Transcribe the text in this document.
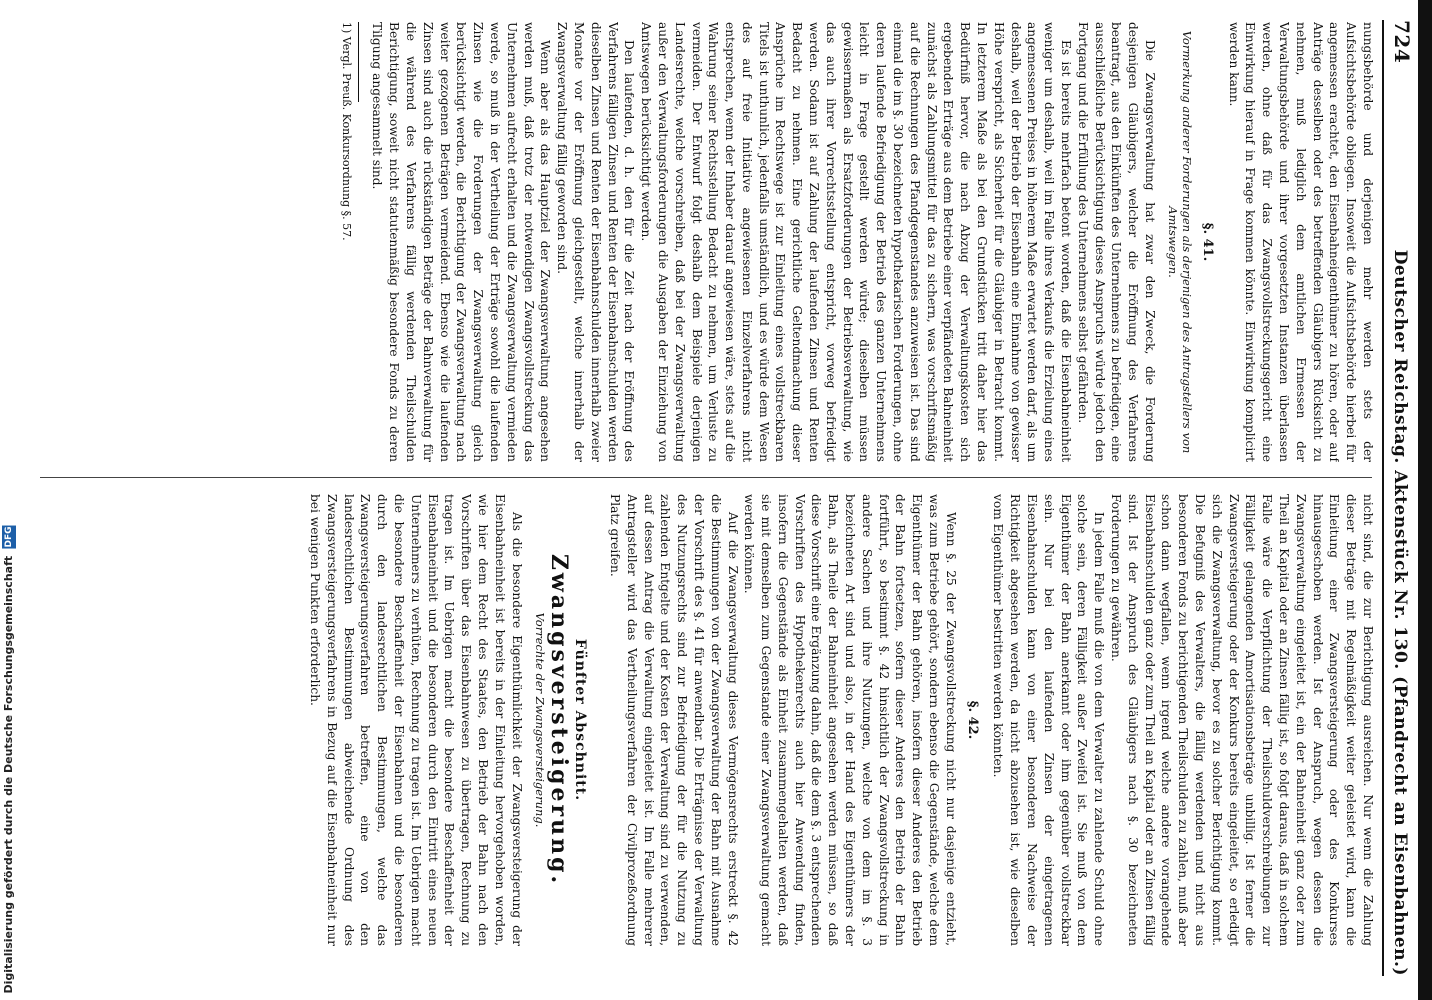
724
Deutscher Reichstag. Aktenstück Nr. 130. (Pfandrecht an Eisenbahnen.)

nungsbehörde und derjenigen mehr werden stets der Aufsichtsbehörde obliegen. Insoweit die Aufsichtsbehörde hierbei für angemessen erachtet, den Eisenbahneigenthümer zu hören, oder auf Anträge desselben oder des betreffenden Gläubigers Rücksicht zu nehmen, muß lediglich dem amtlichen Ermessen der Verwaltungsbehörde und ihrer vorgesetzten Instanzen überlassen werden, ohne daß für das Zwangsvollstreckungsgericht eine Einwirkung hierauf in Frage kommen könnte. Einwirkung komplicirt werden kann.

§. 41.
Vormerkung anderer Forderungen als derjenigen des Antragstellers von Amtswegen.

Die Zwangsverwaltung hat zwar den Zweck, die Forderung desjenigen Gläubigers, welcher die Eröffnung des Verfahrens beantragt, aus den Einkünften des Unternehmens zu befriedigen, eine ausschließliche Berücksichtigung dieses Anspruchs würde jedoch den Fortgang und die Erfüllung des Unternehmens selbst gefährden.

Es ist bereits mehrfach betont worden, daß die Eisenbahneinheit weniger um deshalb, weil im Falle ihres Verkaufs die Erzielung eines angemessenen Preises in höherem Maße erwartet werden darf, als um deshalb, weil der Betrieb der Eisenbahn eine Einnahme von gewisser Höhe verspricht, als Sicherheit für die Gläubiger in Betracht kommt. In letzterem Maße als bei den Grundstücken tritt daher hier das Bedürfniß hervor, die nach Abzug der Verwaltungskosten sich ergebenden Erträge aus dem Betriebe einer verpfändeten Bahneinheit zunächst als Zahlungsmittel für das zu sichern, was vorschriftsmäßig auf die Rechnungen des Pfandgegenstandes anzuweisen ist. Das sind einmal die im §. 30 bezeichneten hypothekarischen Forderungen, ohne deren laufende Befriedigung der Betrieb des ganzen Unternehmens leicht in Frage gestellt werden würde; dieselben müssen gewissermaßen als Ersatzforderungen der Betriebsverwaltung, wie das auch ihrer Vorrechtsstellung entspricht, vorweg befriedigt werden. Sodann ist auf Zahlung der laufenden Zinsen und Renten Bedacht zu nehmen. Eine gerichtliche Geltendmachung dieser Ansprüche im Rechtswege ist zur Einleitung eines vollstreckbaren Titels ist unthunlich, jedenfalls umständlich, und es würde dem Wesen des auf freie Initiative angewiesenen Einzelverfahrens nicht entsprechen, wenn der Inhaber darauf angewiesen wäre, stets auf die Wahrung seiner Rechtsstellung Bedacht zu nehmen, um Verluste zu vermeiden. Der Entwurf folgt deshalb dem Beispiele derjenigen Landesrechte, welche vorschreiben, daß bei der Zwangsverwaltung außer den Verwaltungsforderungen die Ausgaben der Einziehung von Amtswegen berücksichtigt werden.

Den laufenden, d. h. den für die Zeit nach der Eröffnung des Verfahrens fälligen Zinsen und Renten der Eisenbahnschulden werden dieselben Zinsen und Renten der Eisenbahnschulden innerhalb zweier Monate vor der Eröffnung gleichgestellt, welche innerhalb der Zwangsverwaltung fällig geworden sind.

Wenn aber als das Hauptziel der Zwangsverwaltung angesehen werden muß, daß trotz der notwendigen Zwangsvollstreckung das Unternehmen aufrecht erhalten und die Zwangsverwaltung vermieden werde, so muß in der Vertheilung der Erträge sowohl die laufenden Zinsen wie die Forderungen der Zwangsverwaltung gleich berücksichtigt werden, die Berichtigung der Zwangsverwaltung nach weiter gezogenen Beträgen vermeidend. Ebenso wie die laufenden Zinsen sind auch die rückständigen Beträge der Bahnverwaltung für die während des Verfahrens fällig werdenden Theilschulden Berichtigung, soweit nicht statutenmäßig besondere Fonds zu deren Tilgung angesammelt sind.

1) Vergl. Preuß. Konkursordnung §. 57.

nicht sind, die zur Berichtigung ausreichen. Nur wenn die Zahlung dieser Beträge mit Regelmäßigkeit weiter geleistet wird, kann die Einleitung einer Zwangsversteigerung oder des Konkurses hinausgeschoben werden. Ist der Anspruch, wegen dessen die Zwangsverwaltung eingeleitet ist, ein der Bahneinheit ganz oder zum Theil an Kapital oder an Zinsen fällig ist, so folgt daraus, daß in solchem Falle wäre die Verpflichtung der Theilschuldverschreibungen zur Fälligkeit gelangenden Amortisationsbeträge unbillig. Ist ferner die Zwangsversteigerung oder der Konkurs bereits eingeleitet, so erledigt sich die Zwangsverwaltung, bevor es zu solcher Berichtigung kommt. Die Befugniß des Verwalters, die fällig werdenden und nicht aus besonderen Fonds zu berichtigenden Theilschulden zu zahlen, muß aber schon dann wegfallen, wenn irgend welche andere vorangehende Eisenbahnschulden ganz oder zum Theil an Kapital oder an Zinsen fällig sind. Ist der Anspruch des Gläubigers nach §. 30 bezeichneten Forderungen zu gewähren.

In jedem Falle muß die von dem Verwalter zu zahlende Schuld ohne solche sein, deren Fälligkeit außer Zweifel ist. Sie muß von dem Eigenthümer der Bahn anerkannt oder ihm gegenüber vollstreckbar sein. Nur bei den laufenden Zinsen der eingetragenen Eisenbahnschulden kann von einer besonderen Nachweise der Richtigkeit abgesehen werden, da nicht abzusehen ist, wie dieselben vom Eigenthümer bestritten werden könnten.

§. 42.

Wenn §. 25 der Zwangsvollstreckung nicht nur dasjenige entzieht, was zum Betriebe gehört, sondern ebenso die Gegenstände, welche dem Eigenthümer der Bahn gehören, insofern dieser Anderes den Betrieb der Bahn fortsetzen, sofern dieser Anderes den Betrieb der Bahn fortführt, so bestimmt §. 42 hinsichtlich der Zwangsvollstreckung in andere Sachen und ihre Nutzungen, welche von dem im §. 3 bezeichneten Art sind und also, in der Hand des Eigenthümers der Bahn, als Theile der Bahneinheit angesehen werden müssen, so daß diese Vorschrift eine Ergänzung dahin, daß die dem §. 3 entsprechenden Vorschriften des Hypothekenrechts auch hier Anwendung finden, insofern die Gegenstände als Einheit zusammengehalten werden, daß sie mit demselben zum Gegenstande einer Zwangsverwaltung gemacht werden können.

Auf die Zwangsverwaltung dieses Vermögensrechts erstreckt §. 42 die Bestimmungen von der Zwangsverwaltung der Bahn mit Ausnahme der Vorschrift des §. 41 für anwendbar. Die Erträgnisse der Verwaltung des Nutzungsrechts sind zur Befriedigung der für die Nutzung zu zahlenden Entgelte und der Kosten der Verwaltung sind zu verwenden, auf dessen Antrag die Verwaltung eingeleitet ist. Im Falle mehrerer Antragsteller wird das Vertheilungsverfahren der Civilprozeßordnung Platz greifen.

Fünfter Abschnitt.
Zwangsversteigerung.
Vorrechte der Zwangsversteigerung.

Als die besondere Eigenthümlichkeit der Zwangsversteigerung der Eisenbahneinheit ist bereits in der Einleitung hervorgehoben worden, wie hier dem Recht des Staates, den Betrieb der Bahn nach den Vorschriften über das Eisenbahnwesen zu übertragen, Rechnung zu tragen ist. Im Uebrigen macht die besondere Beschaffenheit der Eisenbahneinheit und die besonderen durch den Eintritt eines neuen Unternehmers zu verhüten, Rechnung zu tragen ist. Im Uebrigen macht die besondere Beschaffenheit der Eisenbahnen und die besonderen durch den landesrechtlichen Bestimmungen, welche das Zwangsversteigerungsverfahren betreffen, eine von den landesrechtlichen Bestimmungen abweichende Ordnung des Zwangsversteigerungsverfahrens in Bezug auf die Eisenbahneinheit nur bei wenigen Punkten erforderlich.

Digitalisierung gefördert durch die Deutsche Forschungsgemeinschaft DFG
